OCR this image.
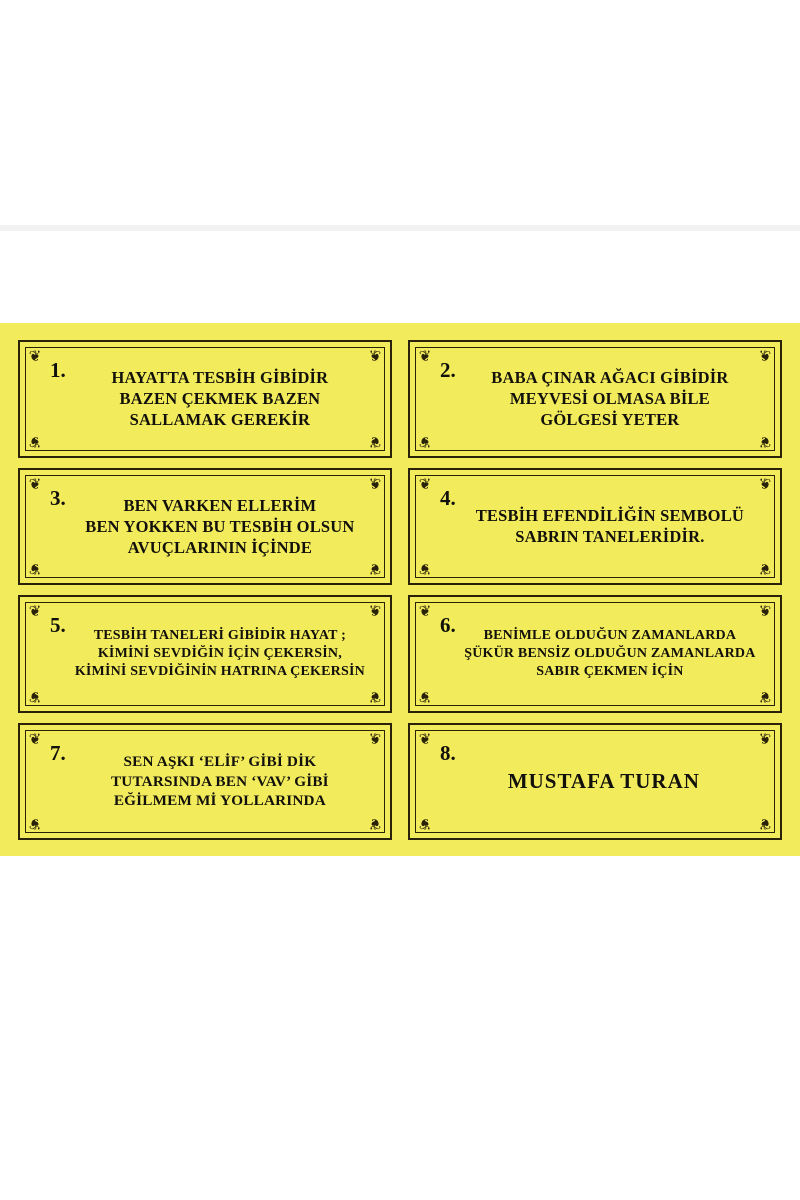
❦	❦
❦	❦
1.	HAYATTA TESBİH GİBİDİR
BAZEN ÇEKMEK BAZEN
SALLAMAK GEREKİR
❦	❦
❦	❦
2.	BABA ÇINAR AĞACI GİBİDİR
MEYVESİ OLMASA BİLE
GÖLGESİ YETER
❦	❦
❦	❦
3.	BEN VARKEN ELLERİM
BEN YOKKEN BU TESBİH OLSUN
AVUÇLARININ İÇİNDE
❦	❦
❦	❦
4.
TESBİH EFENDİLİĞİN SEMBOLÜ
SABRIN TANELERİDİR.
❦	❦
❦	❦
5.	TESBİH TANELERİ GİBİDİR HAYAT ;
KİMİNİ SEVDİĞİN İÇİN ÇEKERSİN,
KİMİNİ SEVDİĞİNİN HATRINA ÇEKERSİN
❦	❦
❦	❦
6.	BENİMLE OLDUĞUN ZAMANLARDA
ŞÜKÜR BENSİZ OLDUĞUN ZAMANLARDA
SABIR ÇEKMEN İÇİN
❦	❦
❦	❦
7.	SEN AŞKI ‘ELİF’ GİBİ DİK
TUTARSINDA BEN ‘VAV’ GİBİ
EĞİLMEM Mİ YOLLARINDA
❦	❦
❦	❦
8.
MUSTAFA TURAN
